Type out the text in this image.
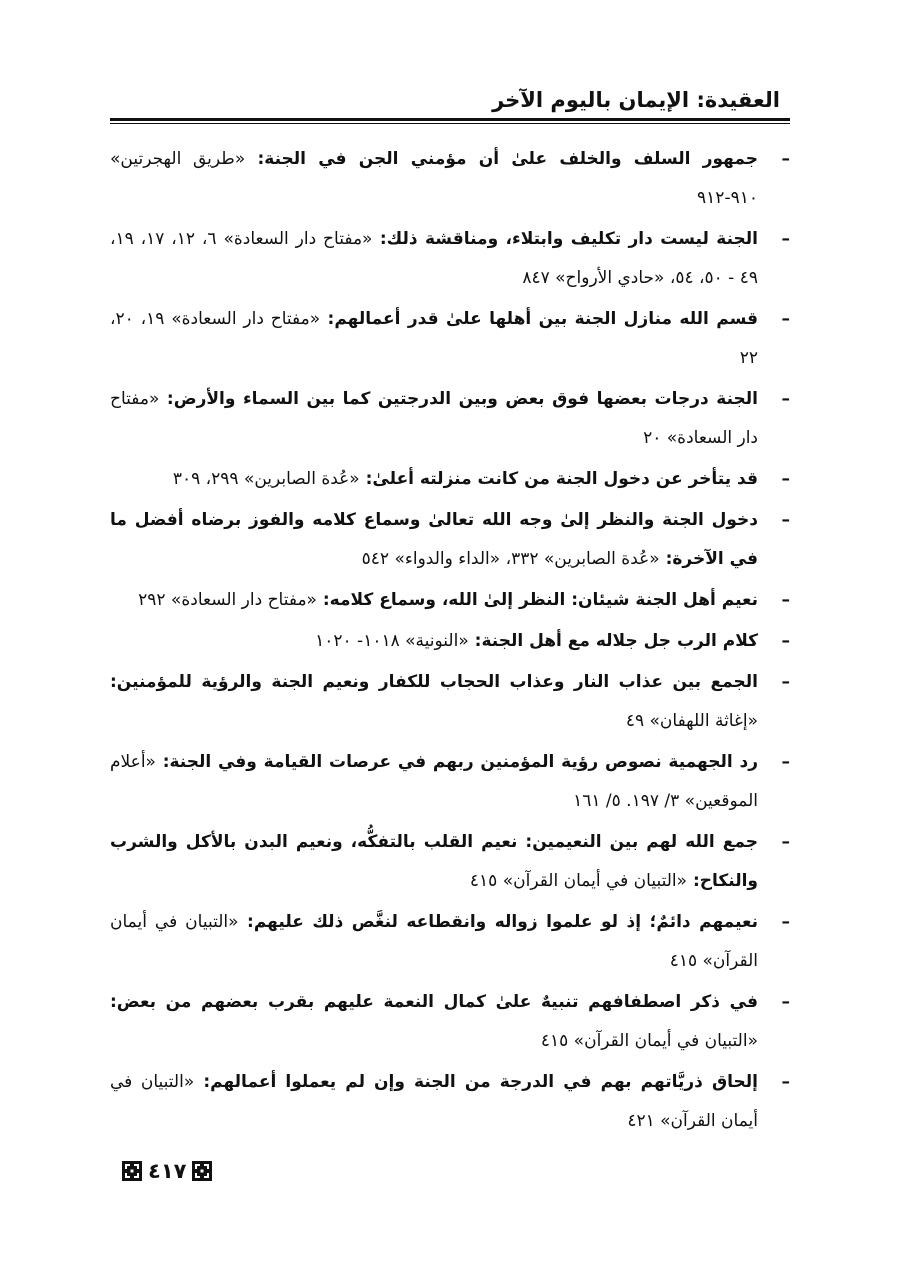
العقيدة: الإيمان باليوم الآخر
–
جمهور السلف والخلف علىٰ أن مؤمني الجن في الجنة: «طريق الهجرتين» ٩١٠-٩١٢
–
الجنة ليست دار تكليف وابتلاء، ومناقشة ذلك: «مفتاح دار السعادة» ٦، ١٢، ١٧، ١٩، ٤٩ - ٥٠، ٥٤، «حادي الأرواح» ٨٤٧
–
قسم الله منازل الجنة بين أهلها علىٰ قدر أعمالهم: «مفتاح دار السعادة» ١٩، ٢٠، ٢٢
–
الجنة درجات بعضها فوق بعض وبين الدرجتين كما بين السماء والأرض: «مفتاح دار السعادة» ٢٠
–
قد يتأخر عن دخول الجنة من كانت منزلته أعلىٰ: «عُدة الصابرين» ٢٩٩، ٣٠٩
–
دخول الجنة والنظر إلىٰ وجه الله تعالىٰ وسماع كلامه والفوز برضاه أفضل ما في الآخرة: «عُدة الصابرين» ٣٣٢، «الداء والدواء» ٥٤٢
–
نعيم أهل الجنة شيئان: النظر إلىٰ الله، وسماع كلامه: «مفتاح دار السعادة» ٢٩٢
–
كلام الرب جل جلاله مع أهل الجنة: «النونية» ١٠١٨- ١٠٢٠
–
الجمع بين عذاب النار وعذاب الحجاب للكفار ونعيم الجنة والرؤية للمؤمنين: «إغاثة اللهفان» ٤٩
–
رد الجهمية نصوص رؤية المؤمنين ربهم في عرصات القيامة وفي الجنة: «أعلام الموقعين» ٣/ ١٩٧. ٥/ ١٦١
–
جمع الله لهم بين النعيمين: نعيم القلب بالتفكُّه، ونعيم البدن بالأكل والشرب والنكاح: «التبيان في أيمان القرآن» ٤١٥
–
نعيمهم دائمٌ؛ إذ لو علموا زواله وانقطاعه لنغَّص ذلك عليهم: «التبيان في أيمان القرآن» ٤١٥
–
في ذكر اصطفافهم تنبيهٌ علىٰ كمال النعمة عليهم بقرب بعضهم من بعض: «التبيان في أيمان القرآن» ٤١٥
–
إلحاق ذريَّاتهم بهم في الدرجة من الجنة وإن لم يعملوا أعمالهم: «التبيان في أيمان القرآن» ٤٢١
٤١٧
